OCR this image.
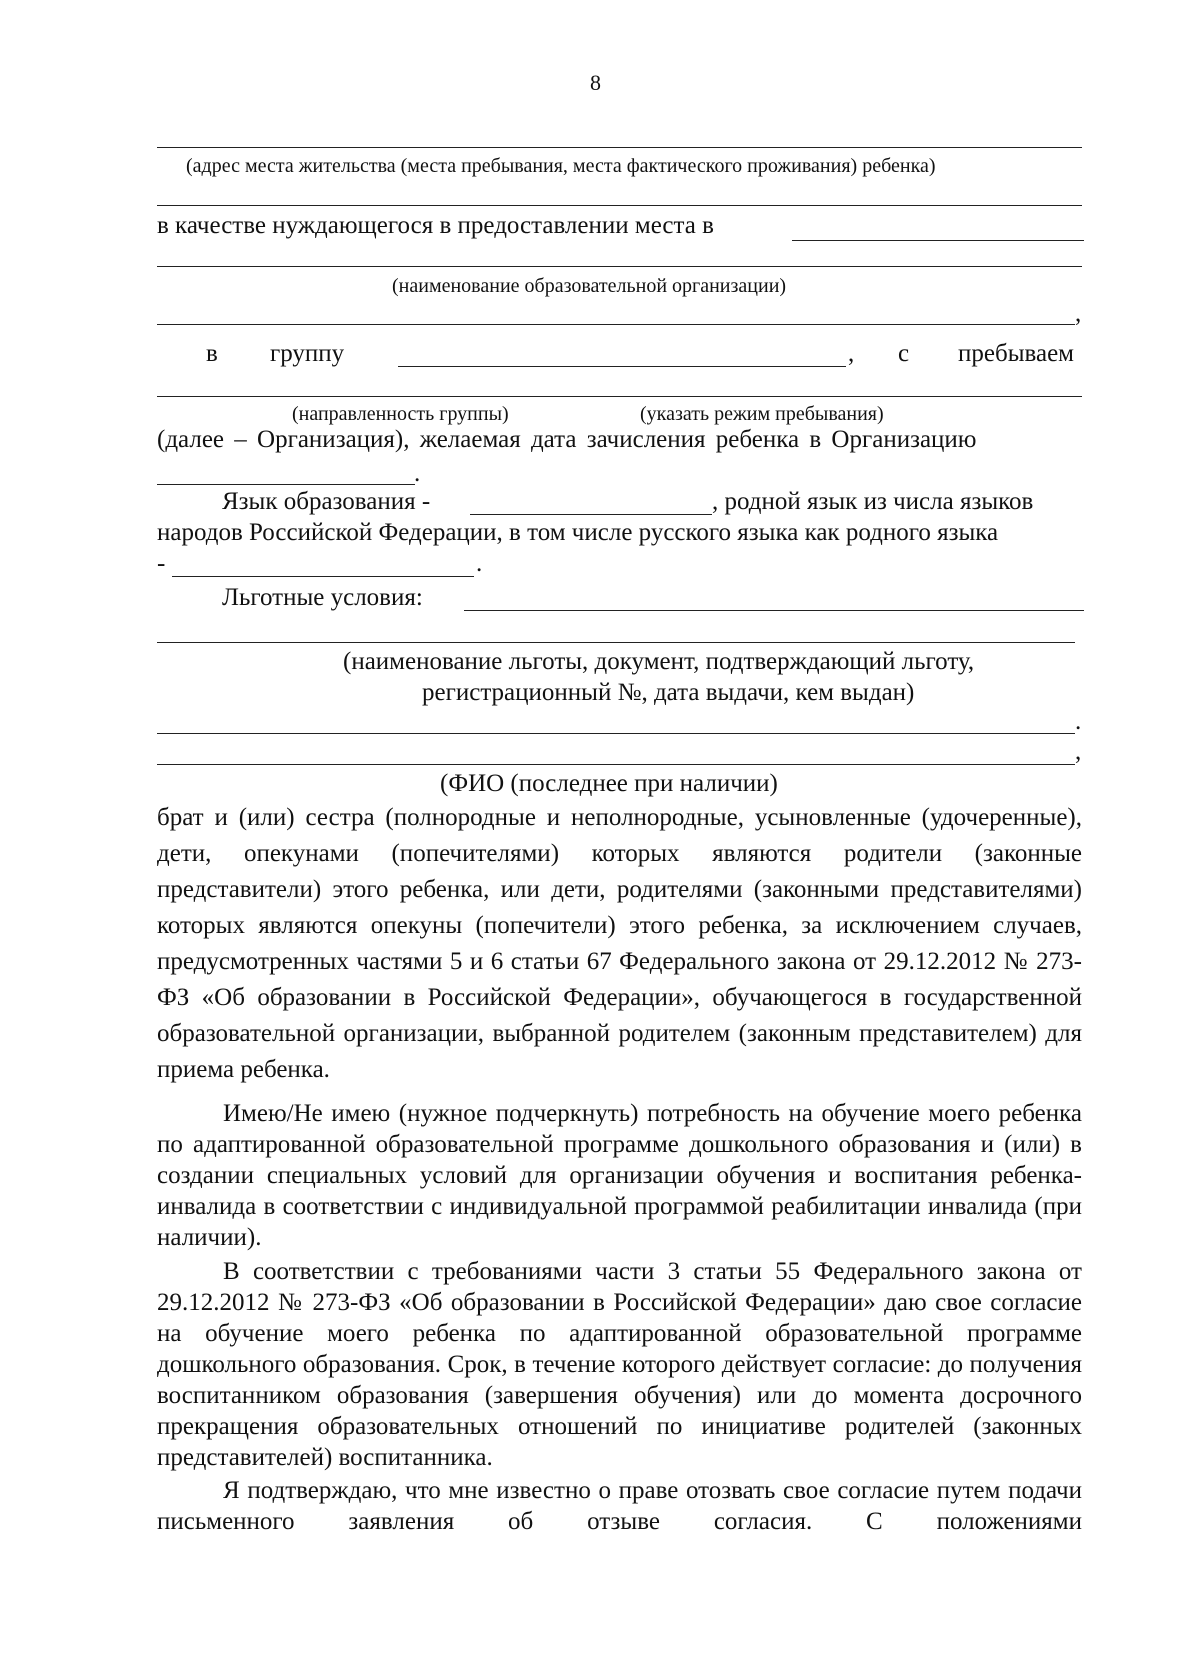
8
(адрес места жительства (места пребывания, места фактического проживания) ребенка)
в качестве нуждающегося в предоставлении места в
(наименование образовательной организации)
,
в группу	, с пребываем
(направленность группы)	(указать режим пребывания)
(далее – Организация), желаемая дата зачисления ребенка в Организацию
.
Язык образования -	, родной язык из числа языков
народов Российской Федерации, в том числе русского языка как родного языка
-	.
Льготные условия:
(наименование льготы, документ, подтверждающий льготу,
регистрационный №, дата выдачи, кем выдан)
.
,
(ФИО (последнее при наличии)

брат и (или) сестра (полнородные и неполнородные, усыновленные (удочеренные), дети, опекунами (попечителями) которых являются родители (законные представители) этого ребенка, или дети, родителями (законными представителями) которых являются опекуны (попечители) этого ребенка, за исключением случаев, предусмотренных частями 5 и 6 статьи 67 Федерального закона от 29.12.2012 № 273-ФЗ «Об образовании в Российской Федерации», обучающегося в государственной образовательной организации, выбранной родителем (законным представителем) для приема ребенка.

Имею/Не имею (нужное подчеркнуть) потребность на обучение моего ребенка по адаптированной образовательной программе дошкольного образования и (или) в создании специальных условий для организации обучения и воспитания ребенка-инвалида в соответствии с индивидуальной программой реабилитации инвалида (при наличии).

В соответствии с требованиями части 3 статьи 55 Федерального закона от 29.12.2012 № 273-ФЗ «Об образовании в Российской Федерации» даю свое согласие на обучение моего ребенка по адаптированной образовательной программе дошкольного образования. Срок, в течение которого действует согласие: до получения воспитанником образования (завершения обучения) или до момента досрочного прекращения образовательных отношений по инициативе родителей (законных представителей) воспитанника.

Я подтверждаю, что мне известно о праве отозвать свое согласие путем подачи письменного заявления об отзыве согласия. С положениями
